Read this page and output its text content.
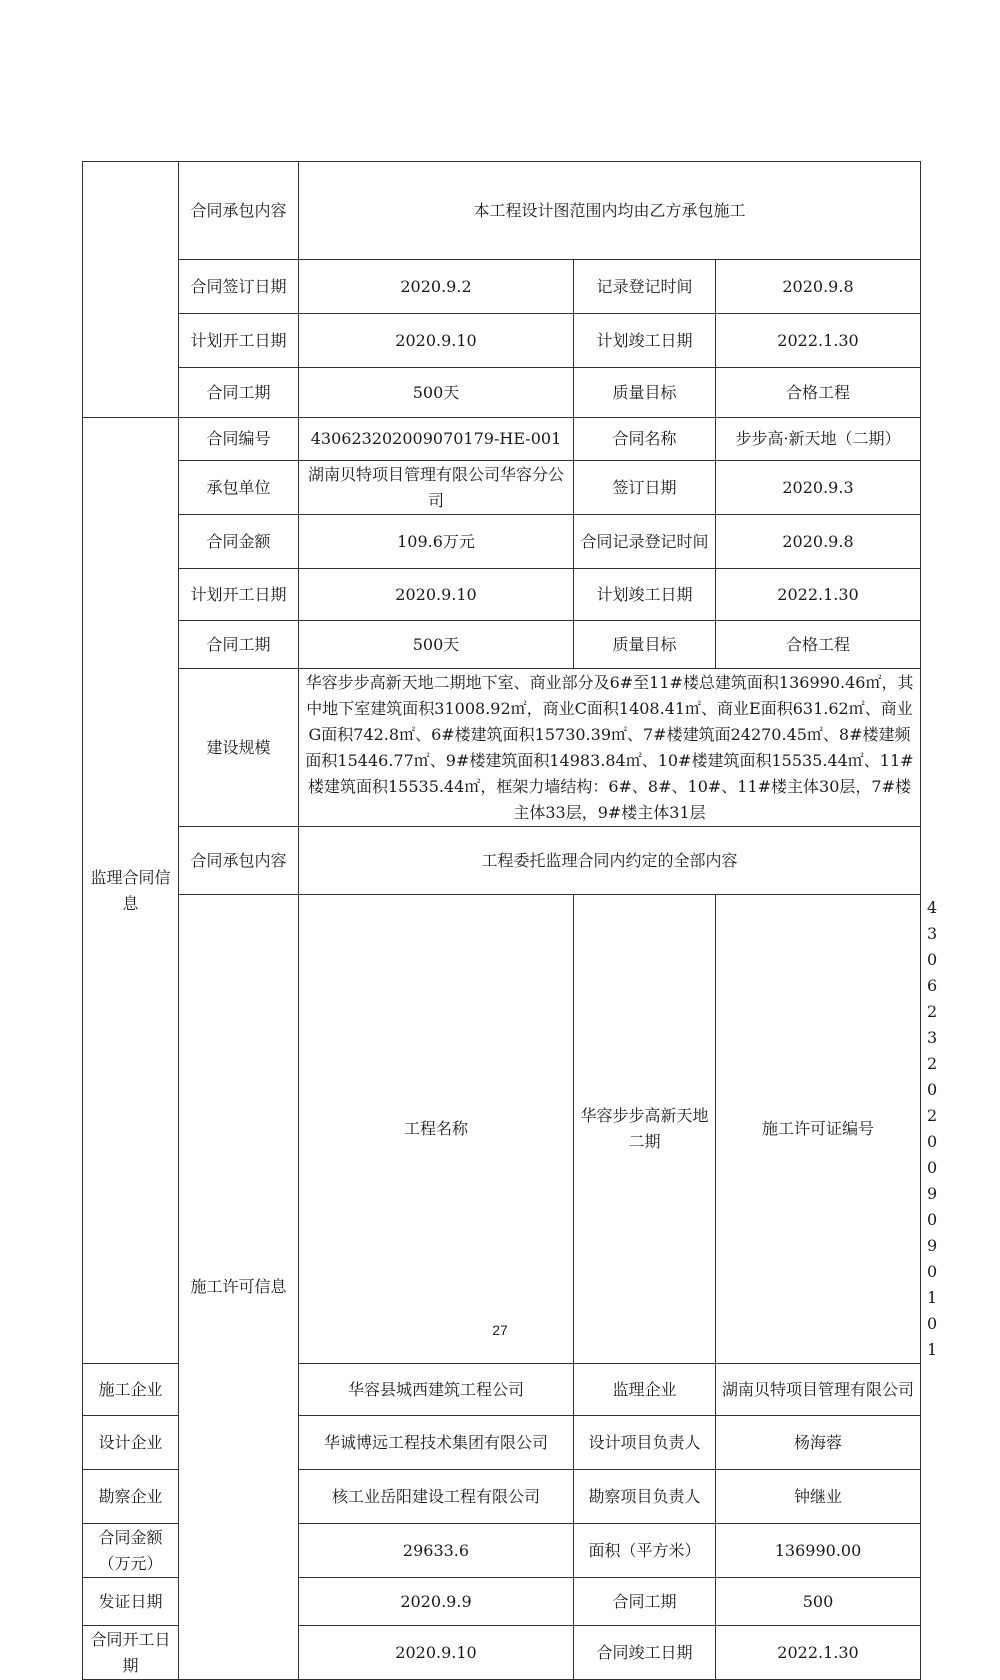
	合同承包内容	本工程设计图范围内均由乙方承包施工			
	合同签订日期	2020.9.2	记录登记时间	2020.9.8	
	计划开工日期	2020.9.10	计划竣工日期	2022.1.30	
	合同工期	500天	质量目标	合格工程	
监理合同信息	合同编号	430623202009070179-HE-001	合同名称	步步高·新天地（二期）	
	承包单位	湖南贝特项目管理有限公司华容分公司	签订日期	2020.9.3	
	合同金额	109.6万元	合同记录登记时间	2020.9.8	
	计划开工日期	2020.9.10	计划竣工日期	2022.1.30	
	合同工期	500天	质量目标	合格工程	
	建设规模	华容步步高新天地二期地下室、商业部分及6#至11#楼总建筑面积136990.46㎡，其中地下室建筑面积31008.92㎡，商业C面积1408.41㎡、商业E面积631.62㎡、商业G面积742.8㎡、6#楼建筑面积15730.39㎡、7#楼建筑面24270.45㎡、8#楼建频面积15446.77㎡、9#楼建筑面积14983.84㎡、10#楼建筑面积15535.44㎡、11#楼建筑面积15535.44㎡，框架力墙结构：6#、8#、10#、11#楼主体30层，7#楼主体33层，9#楼主体31层			
	合同承包内容	工程委托监理合同内约定的全部内容			
	施工许可信息	工程名称	华容步步高新天地二期	施工许可证编号	430623202009090101
施工企业		华容县城西建筑工程公司	监理企业	湖南贝特项目管理有限公司	
设计企业		华诚博远工程技术集团有限公司	设计项目负责人	杨海蓉	
勘察企业		核工业岳阳建设工程有限公司	勘察项目负责人	钟继业	
合同金额（万元）		29633.6	面积（平方米）	136990.00	
发证日期		2020.9.9	合同工期	500	
合同开工日期		2020.9.10	合同竣工日期	2022.1.30	
27
